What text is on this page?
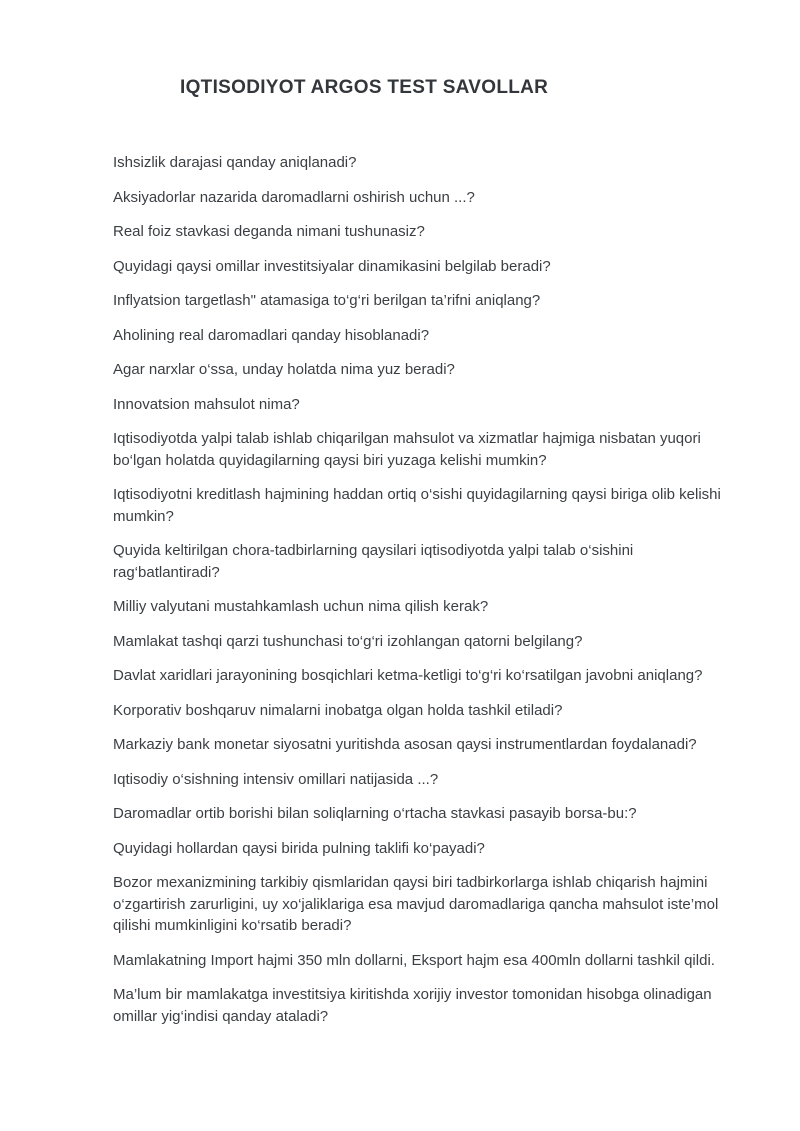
IQTISODIYOT ARGOS TEST SAVOLLAR

Ishsizlik darajasi qanday aniqlanadi?

Aksiyadorlar nazarida daromadlarni oshirish uchun ...?

Real foiz stavkasi deganda nimani tushunasiz?

Quyidagi qaysi omillar investitsiyalar dinamikasini belgilab beradi?

Inflyatsion targetlash" atamasiga to‘g‘ri berilgan ta’rifni aniqlang?

Aholining real daromadlari qanday hisoblanadi?

Agar narxlar o‘ssa, unday holatda nima yuz beradi?

Innovatsion mahsulot nima?

Iqtisodiyotda yalpi talab ishlab chiqarilgan mahsulot va xizmatlar hajmiga nisbatan yuqori bo‘lgan holatda quyidagilarning qaysi biri yuzaga kelishi mumkin?

Iqtisodiyotni kreditlash hajmining haddan ortiq o‘sishi quyidagilarning qaysi biriga olib kelishi mumkin?

Quyida keltirilgan chora-tadbirlarning qaysilari iqtisodiyotda yalpi talab o‘sishini rag‘batlantiradi?

Milliy valyutani mustahkamlash uchun nima qilish kerak?

Mamlakat tashqi qarzi tushunchasi to‘g‘ri izohlangan qatorni belgilang?

Davlat xaridlari jarayonining bosqichlari ketma-ketligi to‘g‘ri ko‘rsatilgan javobni aniqlang?

Korporativ boshqaruv nimalarni inobatga olgan holda tashkil etiladi?

Markaziy bank monetar siyosatni yuritishda asosan qaysi instrumentlardan foydalanadi?

Iqtisodiy o‘sishning intensiv omillari natijasida ...?

Daromadlar ortib borishi bilan soliqlarning o‘rtacha stavkasi pasayib borsa-bu:?

Quyidagi hollardan qaysi birida pulning taklifi ko‘payadi?

Bozor mexanizmining tarkibiy qismlaridan qaysi biri tadbirkorlarga ishlab chiqarish hajmini o‘zgartirish zarurligini, uy xo‘jaliklariga esa mavjud daromadlariga qancha mahsulot iste’mol qilishi mumkinligini ko‘rsatib beradi?

Mamlakatning Import hajmi 350 mln dollarni, Eksport hajm esa 400mln dollarni tashkil qildi.

Ma’lum bir mamlakatga investitsiya kiritishda xorijiy investor tomonidan hisobga olinadigan omillar yig‘indisi qanday ataladi?
